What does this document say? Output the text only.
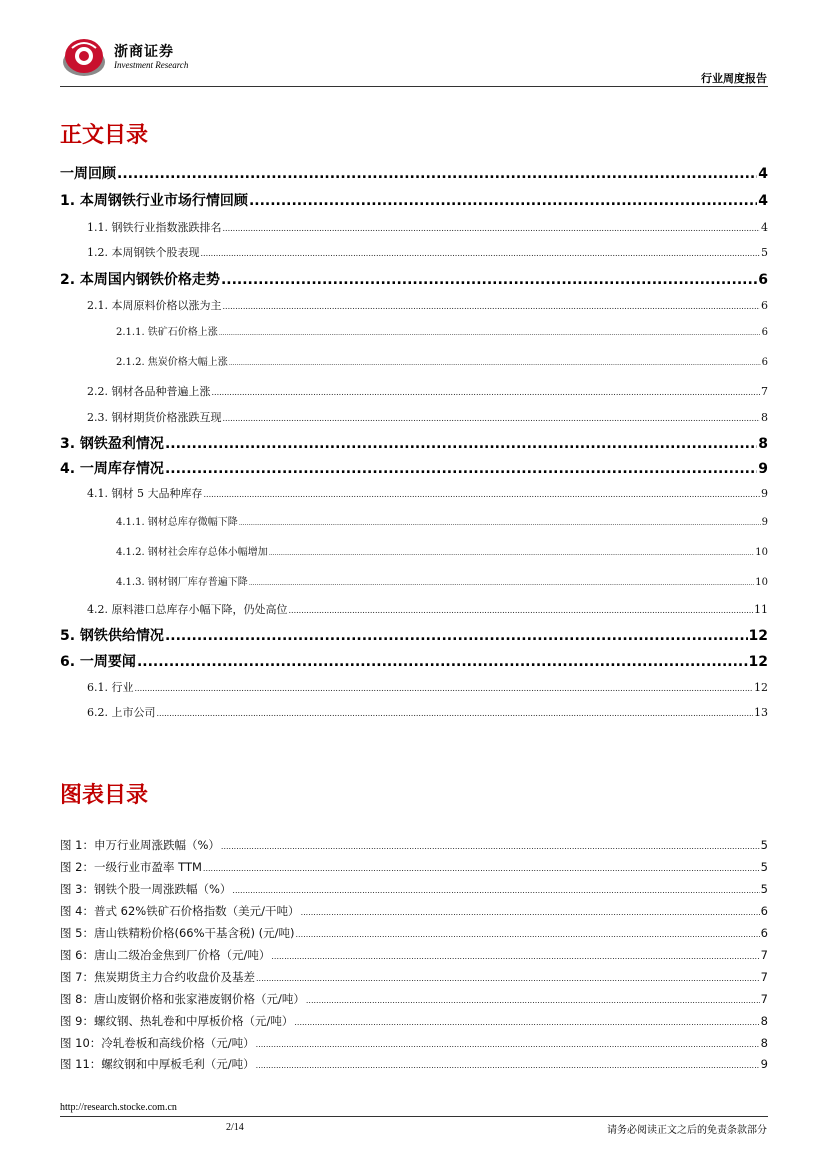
浙商证券
Investment Research
行业周度报告
正文目录
一周回顾 .....	4
1. 本周钢铁行业市场行情回顾 .....	4
1.1. 钢铁行业指数涨跌排名 .....	4
1.2. 本周钢铁个股表现 .....	5
2. 本周国内钢铁价格走势 .....	6
2.1. 本周原料价格以涨为主 .....	6
2.1.1. 铁矿石价格上涨 .....	6
2.1.2. 焦炭价格大幅上涨 .....	6
2.2. 钢材各品种普遍上涨 .....	7
2.3. 钢材期货价格涨跌互现 .....	8
3. 钢铁盈利情况 .....	8
4. 一周库存情况 .....	9
4.1. 钢材 5 大品种库存 .....	9
4.1.1. 钢材总库存微幅下降 .....	9
4.1.2. 钢材社会库存总体小幅增加 .....	10
4.1.3. 钢材钢厂库存普遍下降 .....	10
4.2. 原料港口总库存小幅下降，仍处高位 .....	11
5. 钢铁供给情况 .....	12
6. 一周要闻 .....	12
6.1. 行业 .....	12
6.2. 上市公司 .....	13
图表目录
图 1：申万行业周涨跌幅（%） .....	5
图 2：一级行业市盈率 TTM .....	5
图 3：钢铁个股一周涨跌幅（%） .....	5
图 4：普式 62%铁矿石价格指数（美元/干吨） .....	6
图 5：唐山铁精粉价格(66%干基含税) (元/吨) .....	6
图 6：唐山二级冶金焦到厂价格（元/吨） .....	7
图 7：焦炭期货主力合约收盘价及基差 .....	7
图 8：唐山废钢价格和张家港废钢价格（元/吨） .....	7
图 9：螺纹钢、热轧卷和中厚板价格（元/吨） .....	8
图 10：冷轧卷板和高线价格（元/吨） .....	8
图 11：螺纹钢和中厚板毛利（元/吨） .....	9
http://research.stocke.com.cn
2/14	请务必阅读正文之后的免责条款部分
